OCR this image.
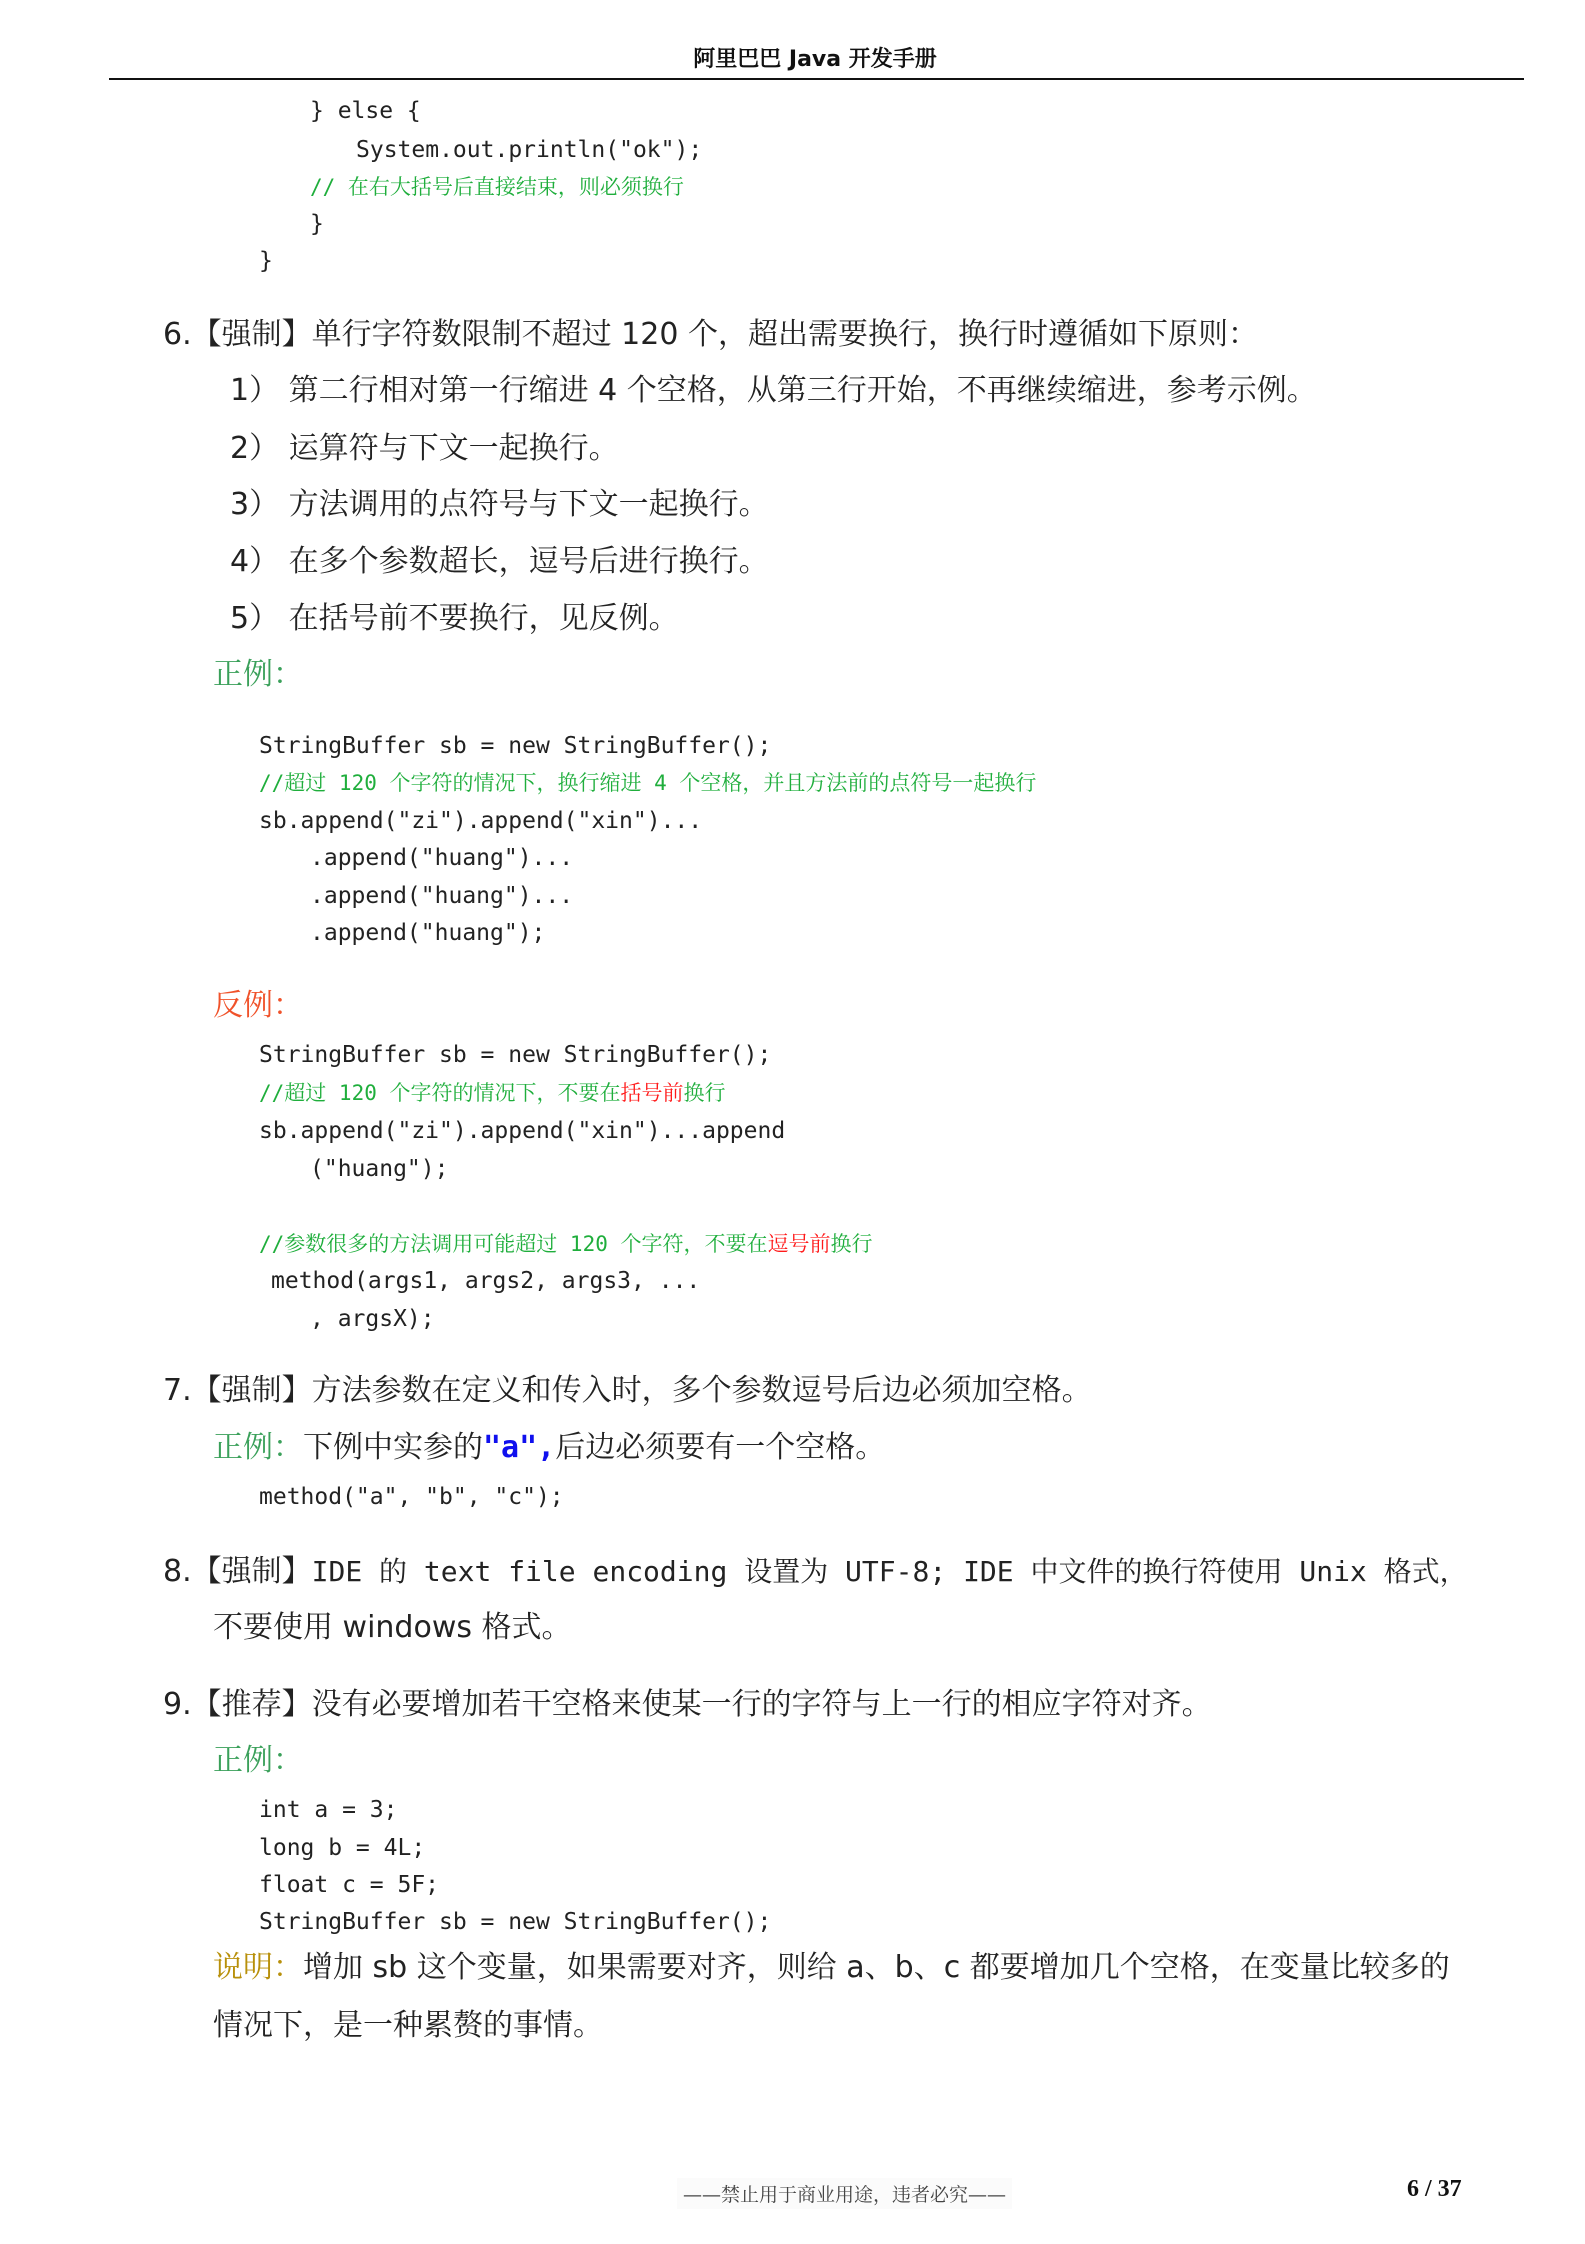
阿里巴巴 Java 开发手册
} else {
System.out.println("ok");
// 在右大括号后直接结束，则必须换行
}
}
6.【强制】单行字符数限制不超过 120 个，超出需要换行，换行时遵循如下原则：
1） 第二行相对第一行缩进 4 个空格，从第三行开始，不再继续缩进，参考示例。
2） 运算符与下文一起换行。
3） 方法调用的点符号与下文一起换行。
4） 在多个参数超长，逗号后进行换行。
5） 在括号前不要换行，见反例。
正例：
StringBuffer sb = new StringBuffer();
//超过 120 个字符的情况下，换行缩进 4 个空格，并且方法前的点符号一起换行
sb.append("zi").append("xin")...
.append("huang")...
.append("huang")...
.append("huang");
反例：
StringBuffer sb = new StringBuffer();
//超过 120 个字符的情况下，不要在括号前换行
sb.append("zi").append("xin")...append
("huang");
//参数很多的方法调用可能超过 120 个字符，不要在逗号前换行
method(args1, args2, args3, ...
, argsX);
7.【强制】方法参数在定义和传入时，多个参数逗号后边必须加空格。
正例：下例中实参的"a",后边必须要有一个空格。
method("a", "b", "c");
8.【强制】IDE 的 text file encoding 设置为 UTF-8; IDE 中文件的换行符使用 Unix 格式，
不要使用 windows 格式。
9.【推荐】没有必要增加若干空格来使某一行的字符与上一行的相应字符对齐。
正例：
int a = 3;
long b = 4L;
float c = 5F;
StringBuffer sb = new StringBuffer();
说明：增加 sb 这个变量，如果需要对齐，则给 a、b、c 都要增加几个空格，在变量比较多的
情况下，是一种累赘的事情。
——禁止用于商业用途，违者必究——	6 / 37
